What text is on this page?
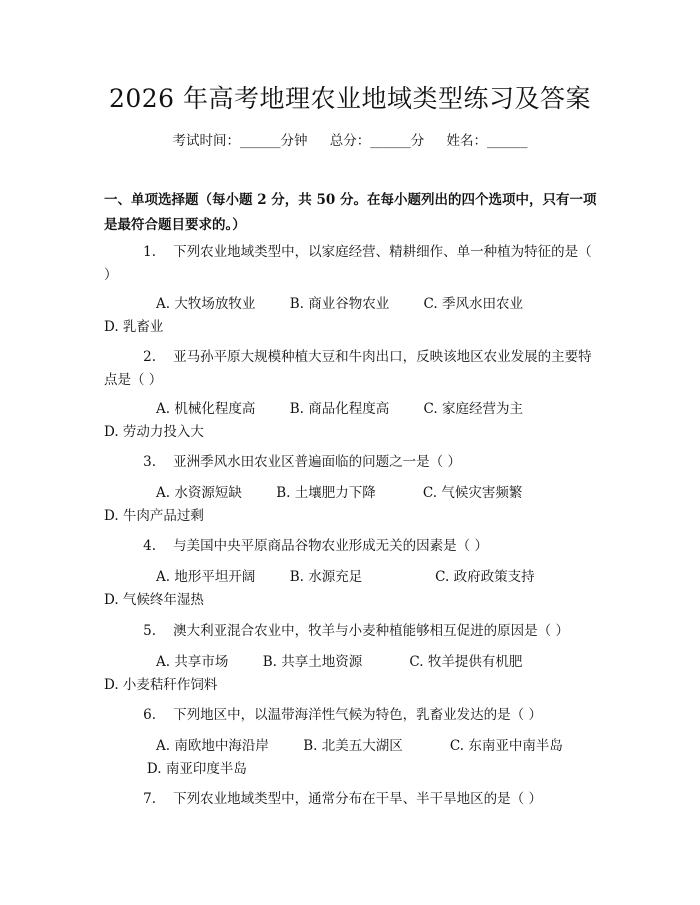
2026 年高考地理农业地域类型练习及答案
考试时间：______分钟 总分：______分 姓名：______
一、单项选择题（每小题 2 分，共 50 分。在每小题列出的四个选项中，只有一项是最符合题目要求的。）
1. 下列农业地域类型中，以家庭经营、精耕细作、单一种植为特征的是（ ）
A. 大牧场放牧业	B. 商业谷物农业	C. 季风水田农业        D. 乳畜业
2. 亚马孙平原大规模种植大豆和牛肉出口，反映该地区农业发展的主要特点是（ ）
A. 机械化程度高	B. 商品化程度高	C. 家庭经营为主        D. 劳动力投入大
3. 亚洲季风水田农业区普遍面临的问题之一是（ ）
A. 水资源短缺	B. 土壤肥力下降	C. 气候灾害频繁           D. 牛肉产品过剩
4. 与美国中央平原商品谷物农业形成无关的因素是（ ）
A. 地形平坦开阔	B. 水源充足	C. 政府政策支持          D. 气候终年湿热
5. 澳大利亚混合农业中，牧羊与小麦种植能够相互促进的原因是（ ）
A. 共享市场	B. 共享土地资源	C. 牧羊提供有机肥          D. 小麦秸秆作饲料
6. 下列地区中，以温带海洋性气候为特色，乳畜业发达的是（ ）
A. 南欧地中海沿岸	B. 北美五大湖区	C. 东南亚中南半岛          D. 南亚印度半岛
7. 下列农业地域类型中，通常分布在干旱、半干旱地区的是（ ）
